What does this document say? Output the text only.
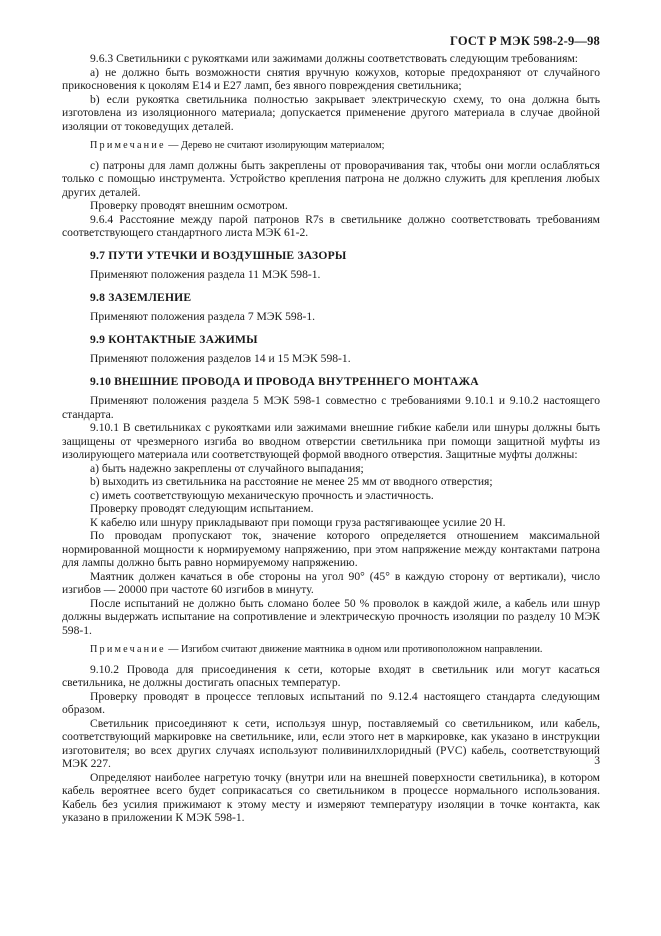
ГОСТ Р МЭК 598-2-9—98

9.6.3 Светильники с рукоятками или зажимами должны соответствовать следующим требованиям:

а) не должно быть возможности снятия вручную кожухов, которые предохраняют от случайного прикосновения к цоколям Е14 и Е27 ламп, без явного повреждения светильника;

b) если рукоятка светильника полностью закрывает электрическую схему, то она должна быть изготовлена из изоляционного материала; допускается применение другого материала в случае двойной изоляции от токоведущих деталей.

Примечание — Дерево не считают изолирующим материалом;

с) патроны для ламп должны быть закреплены от проворачивания так, чтобы они могли ослабляться только с помощью инструмента. Устройство крепления патрона не должно служить для крепления любых других деталей.

Проверку проводят внешним осмотром.

9.6.4 Расстояние между парой патронов R7s в светильнике должно соответствовать требованиям соответствующего стандартного листа МЭК 61-2.

9.7 ПУТИ УТЕЧКИ И ВОЗДУШНЫЕ ЗАЗОРЫ

Применяют положения раздела 11 МЭК 598-1.

9.8 ЗАЗЕМЛЕНИЕ

Применяют положения раздела 7 МЭК 598-1.

9.9 КОНТАКТНЫЕ ЗАЖИМЫ

Применяют положения разделов 14 и 15 МЭК 598-1.

9.10 ВНЕШНИЕ ПРОВОДА И ПРОВОДА ВНУТРЕННЕГО МОНТАЖА

Применяют положения раздела 5 МЭК 598-1 совместно с требованиями 9.10.1 и 9.10.2 настоящего стандарта.

9.10.1 В светильниках с рукоятками или зажимами внешние гибкие кабели или шнуры должны быть защищены от чрезмерного изгиба во вводном отверстии светильника при помощи защитной муфты из изолирующего материала или соответствующей формой вводного отверстия. Защитные муфты должны:

а) быть надежно закреплены от случайного выпадания;

b) выходить из светильника на расстояние не менее 25 мм от вводного отверстия;

с) иметь соответствующую механическую прочность и эластичность.

Проверку проводят следующим испытанием.

К кабелю или шнуру прикладывают при помощи груза растягивающее усилие 20 Н.

По проводам пропускают ток, значение которого определяется отношением максимальной нормированной мощности к нормируемому напряжению, при этом напряжение между контактами патрона для лампы должно быть равно нормируемому напряжению.

Маятник должен качаться в обе стороны на угол 90° (45° в каждую сторону от вертикали), число изгибов — 20000 при частоте 60 изгибов в минуту.

После испытаний не должно быть сломано более 50 % проволок в каждой жиле, а кабель или шнур должны выдержать испытание на сопротивление и электрическую прочность изоляции по разделу 10 МЭК 598-1.

Примечание — Изгибом считают движение маятника в одном или противоположном направлении.

9.10.2 Провода для присоединения к сети, которые входят в светильник или могут касаться светильника, не должны достигать опасных температур.

Проверку проводят в процессе тепловых испытаний по 9.12.4 настоящего стандарта следующим образом.

Светильник присоединяют к сети, используя шнур, поставляемый со светильником, или кабель, соответствующий маркировке на светильнике, или, если этого нет в маркировке, как указано в инструкции изготовителя; во всех других случаях используют поливинилхлоридный (PVC) кабель, соответствующий МЭК 227.

Определяют наиболее нагретую точку (внутри или на внешней поверхности светильника), в котором кабель вероятнее всего будет соприкасаться со светильником в процессе нормального использования. Кабель без усилия прижимают к этому месту и измеряют температуру изоляции в точке контакта, как указано в приложении К МЭК 598-1.

3
